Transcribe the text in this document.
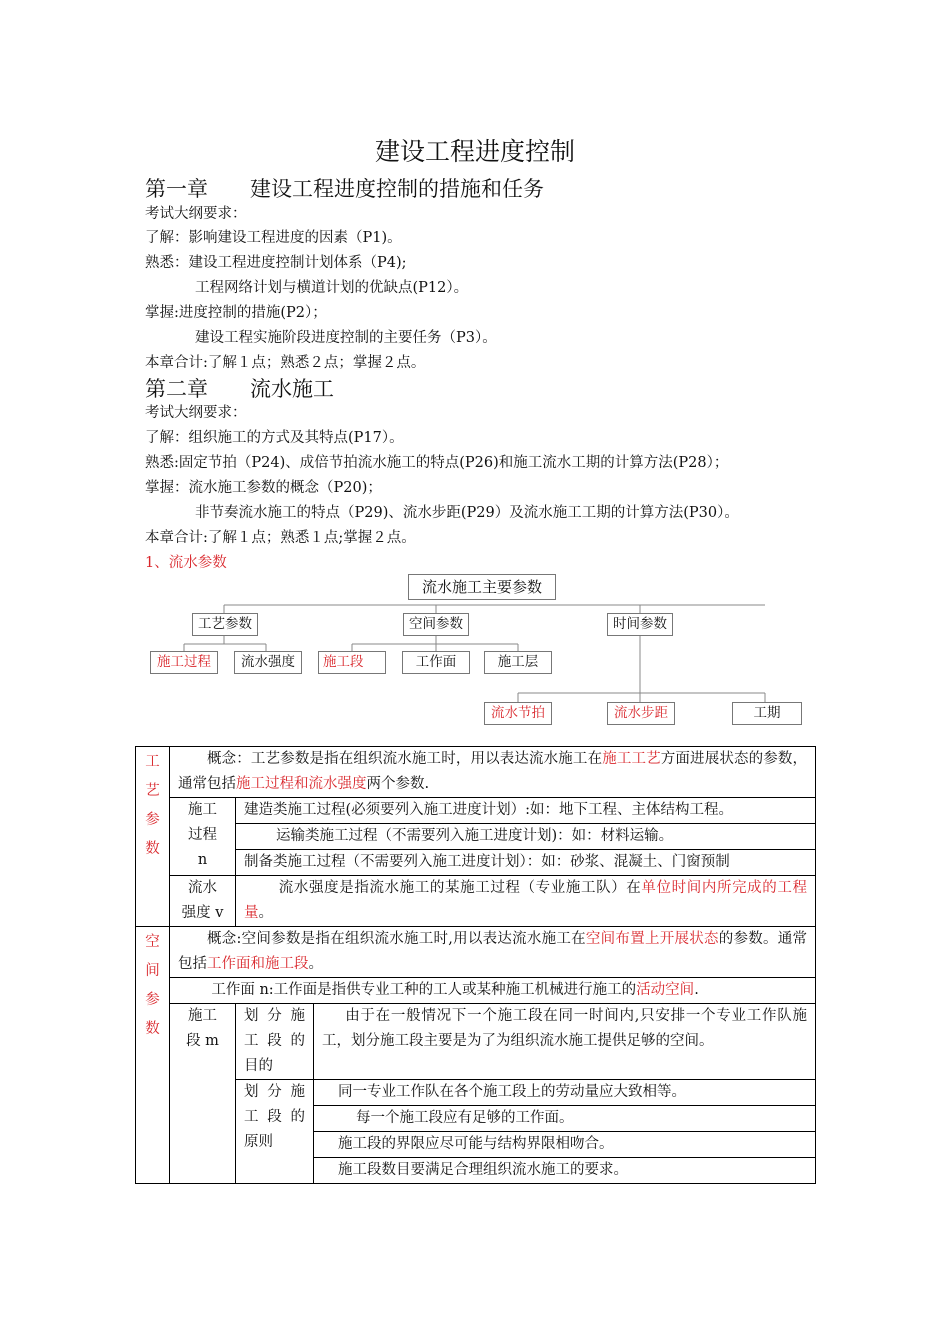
建设工程进度控制
第一章　　建设工程进度控制的措施和任务
考试大纲要求：
了解：影响建设工程进度的因素（P1)。
熟悉：建设工程进度控制计划体系（P4);
工程网络计划与横道计划的优缺点(P12）。
掌握:进度控制的措施(P2）；
建设工程实施阶段进度控制的主要任务（P3）。
本章合计:了解１点；熟悉２点；掌握２点。
第二章　　流水施工
考试大纲要求：
了解：组织施工的方式及其特点(P17）。
熟悉:固定节拍（P24)、成倍节拍流水施工的特点(P26)和施工流水工期的计算方法(P28）；
掌握：流水施工参数的概念（P20)；
非节奏流水施工的特点（P29)、流水步距(P29）及流水施工工期的计算方法(P30）。
本章合计:了解１点；熟悉１点;掌握２点。
1、流水参数
流水施工主要参数
工艺参数	空间参数	时间参数
施工过程	流水强度	施工段	工作面	施工层
流水节拍	流水步距	工期
工
艺
参
数	概念：工艺参数是指在组织流水施工时，用以表达流水施工在施工工艺方面进展状态的参数，通常包括施工过程和流水强度两个参数.		

	施工
过程
n	建造类施工过程(必须要列入施工进度计划）:如：地下工程、主体结构工程。	
		运输类施工过程（不需要列入施工进度计划)：如：材料运输。	
		制备类施工过程（不需要列入施工进度计划）：如：砂浆、混凝土、门窗预制	

	流水
强度 v	流水强度是指流水施工的某施工过程（专业施工队）在单位时间内所完成的工程量。	

空
间
参
数	概念:空间参数是指在组织流水施工时,用以表达流水施工在空间布置上开展状态的参数。通常包括工作面和施工段。		
	工作面 n:工作面是指供专业工种的工人或某种施工机械进行施工的活动空间.		

	施工
段 m	划 分 施 工 段 的 目的	由于在一般情况下一个施工段在同一时间内,只安排一个专业工作队施工，划分施工段主要是为了为组织流水施工提供足够的空间。
		划 分 施 工 段 的 原则	同一专业工作队在各个施工段上的劳动量应大致相等。
			每一个施工段应有足够的工作面。
			施工段的界限应尽可能与结构界限相吻合。
			施工段数目要满足合理组织流水施工的要求。
